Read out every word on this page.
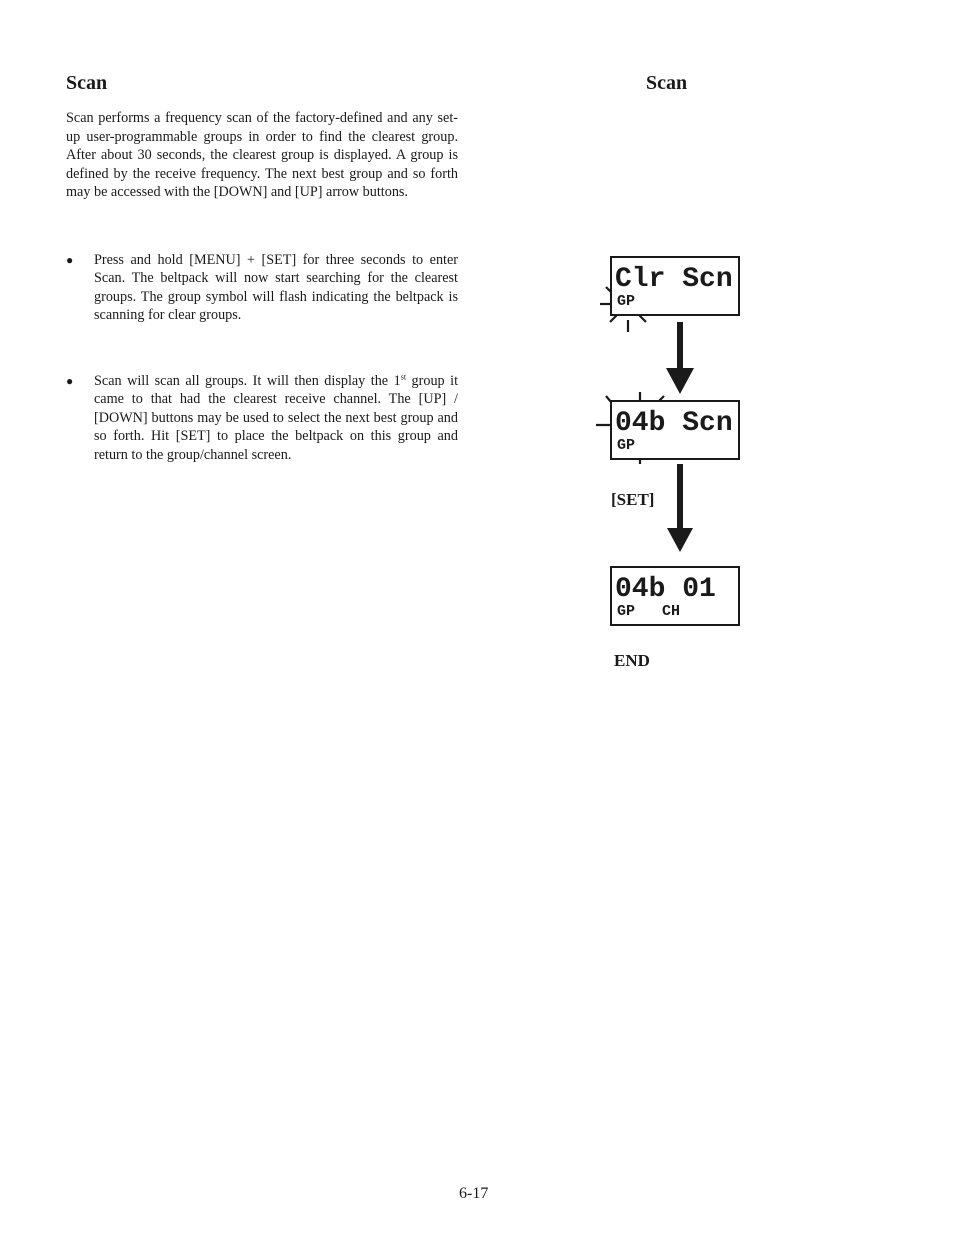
Scan	Scan

Scan performs a frequency scan of the factory-defined and any set-up user-programmable groups in order to find the clearest group. After about 30 seconds, the clearest group is displayed. A group is defined by the receive frequency. The next best group and so forth may be accessed with the [DOWN] and [UP] arrow buttons.

● Press and hold [MENU] + [SET] for three seconds to enter Scan. The beltpack will now start searching for the clearest groups. The group symbol will flash indicating the beltpack is scanning for clear groups.

● Scan will scan all groups. It will then display the 1st group it came to that had the clearest receive channel. The [UP] / [DOWN] buttons may be used to select the next best group and so forth. Hit [SET] to place the beltpack on this group and return to the group/channel screen.

Clr Scn
GP
04b Scn
GP
04b 01
GP   CH
[SET]
END
6-17
